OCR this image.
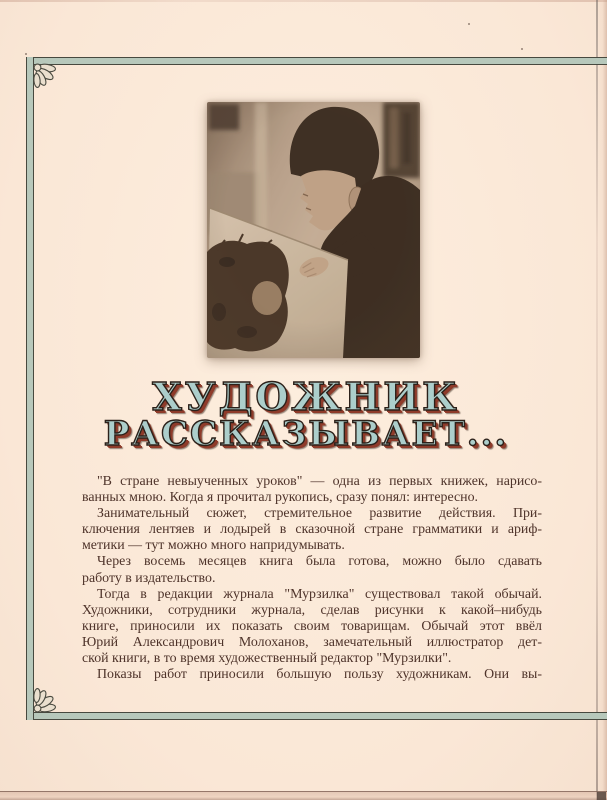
ХУДОЖНИК
РАССКАЗЫВАЕТ...

"В стране невыученных уроков" — одна из первых книжек, нарисо-
ванных мною. Когда я прочитал рукопись, сразу понял: интересно.

Занимательный сюжет, стремительное развитие действия. При-
ключения лентяев и лодырей в сказочной стране грамматики и ариф-
метики — тут можно много напридумывать.

Через восемь месяцев книга была готова, можно было сдавать
работу в издательство.

Тогда в редакции журнала "Мурзилка" существовал такой обычай.
Художники, сотрудники журнала, сделав рисунки к какой–нибудь
книге, приносили их показать своим товарищам. Обычай этот ввёл
Юрий Александрович Молоханов, замечательный иллюстратор дет-
ской книги, в то время художественный редактор "Мурзилки".

Показы работ приносили большую пользу художникам. Они вы-
